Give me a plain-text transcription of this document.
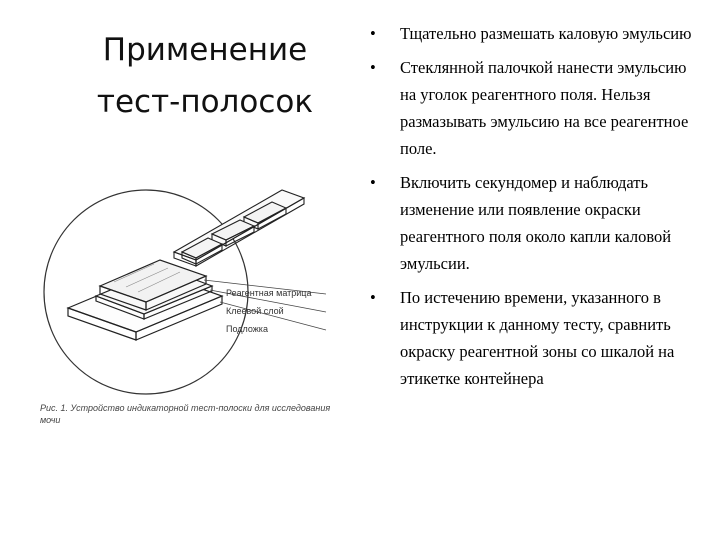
Применение тест-полосок
Реагентная матрица
Клеевой слой
Подложка
Рис. 1. Устройство индикаторной тест-полоски для исследования мочи
• Тщательно размешать каловую эмульсию
• Стеклянной палочкой нанести эмульсию на уголок реагентного поля. Нельзя размазывать эмульсию на все реагентное поле.
• Включить секундомер и наблюдать изменение или появление окраски реагентного поля около капли каловой эмульсии.
• По истечению времени, указанного в инструкции к данному тесту, сравнить окраску реагентной зоны со шкалой на этикетке контейнера
